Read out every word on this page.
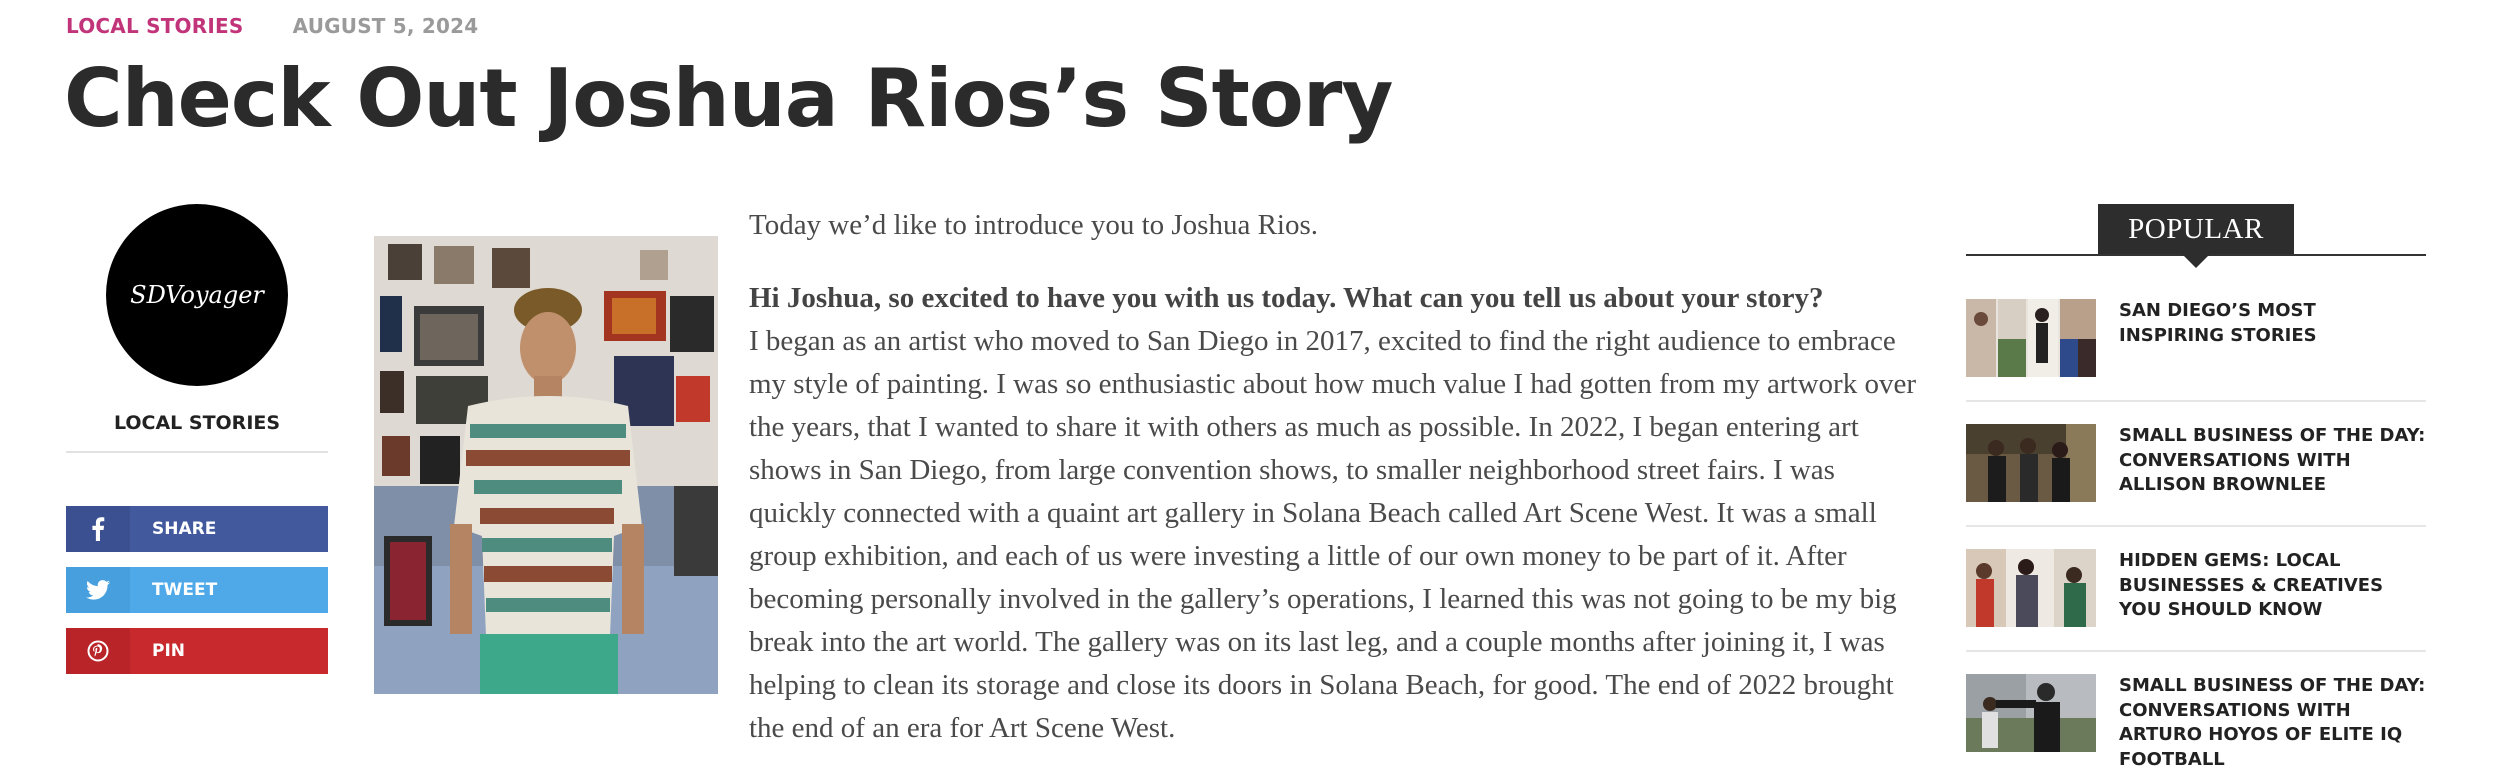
LOCAL STORIES AUGUST 5, 2024
Check Out Joshua Rios’s Story
SDVoyager
LOCAL STORIES
SHARE
TWEET
PIN

Today we’d like to introduce you to Joshua Rios.

Hi Joshua, so excited to have you with us today. What can you tell us about your story?

I began as an artist who moved to San Diego in 2017, excited to find the right audience to embrace my style of painting. I was so enthusiastic about how much value I had gotten from my artwork over the years, that I wanted to share it with others as much as possible. In 2022, I began entering art shows in San Diego, from large convention shows, to smaller neighborhood street fairs. I was quickly connected with a quaint art gallery in Solana Beach called Art Scene West. It was a small group exhibition, and each of us were investing a little of our own money to be part of it. After becoming personally involved in the gallery’s operations, I learned this was not going to be my big break into the art world. The gallery was on its last leg, and a couple months after joining it, I was helping to clean its storage and close its doors in Solana Beach, for good. The end of 2022 brought the end of an era for Art Scene West.

POPULAR
SAN DIEGO’S MOST INSPIRING STORIES
SMALL BUSINESS OF THE DAY: CONVERSATIONS WITH ALLISON BROWNLEE
HIDDEN GEMS: LOCAL BUSINESSES & CREATIVES YOU SHOULD KNOW
SMALL BUSINESS OF THE DAY: CONVERSATIONS WITH ARTURO HOYOS OF ELITE IQ FOOTBALL
